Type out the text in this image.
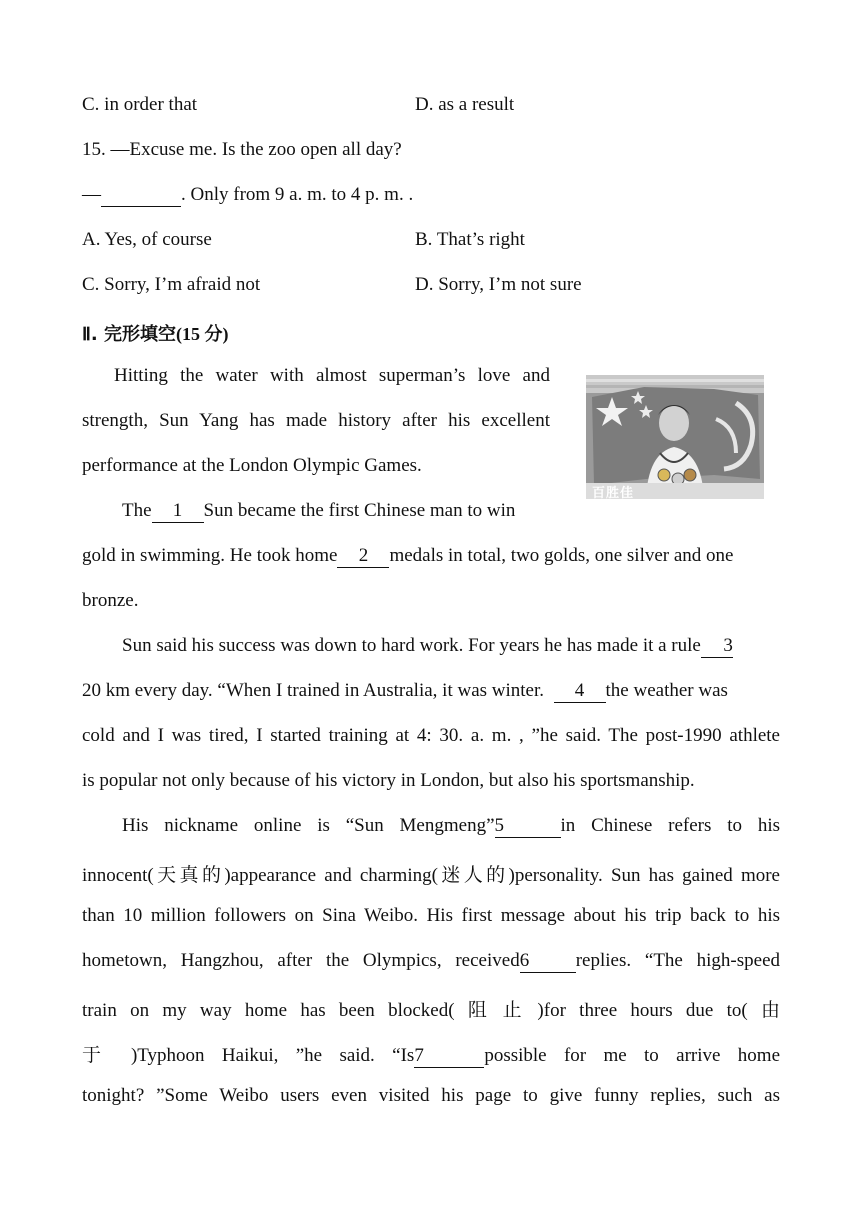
C. in order that	D. as a result
15. —Excuse me. Is the zoo open all day?
—	. Only from 9 a. m. to 4 p. m. .
A. Yes, of course	B. That’s right
C. Sorry, I’m afraid not	D. Sorry, I’m not sure
Ⅱ. 完形填空(15 分)
百胜佳
Hitting the water with almost superman’s love and
strength, Sun Yang has made history after his excellent
performance at the London Olympic Games.
The 1 Sun became the first Chinese man to win
gold in swimming. He took home 2 medals in total, two golds, one silver and one
bronze.
Sun said his success was down to hard work. For years he has made it a rule 3
20 km every day. “When I trained in Australia, it was winter. 4 the weather was
cold and I was tired, I started training at 4: 30. a. m. , ”he said. The post-1990 athlete
is popular not only because of his victory in London, but also his sportsmanship.
His nickname online is “Sun Mengmeng”5	in Chinese refers to his
innocent(天真的)appearance and charming(迷人的)personality. Sun has gained more
than 10 million followers on Sina Weibo. His first message about his trip back to his
hometown, Hangzhou, after the Olympics, received6 replies. “The high-speed
train on my way home has been blocked( 阻 止 )for three hours due to( 由
于 )Typhoon Haikui, ”he said. “Is7	possible for me to arrive home
tonight? ”Some Weibo users even visited his page to give funny replies, such as
